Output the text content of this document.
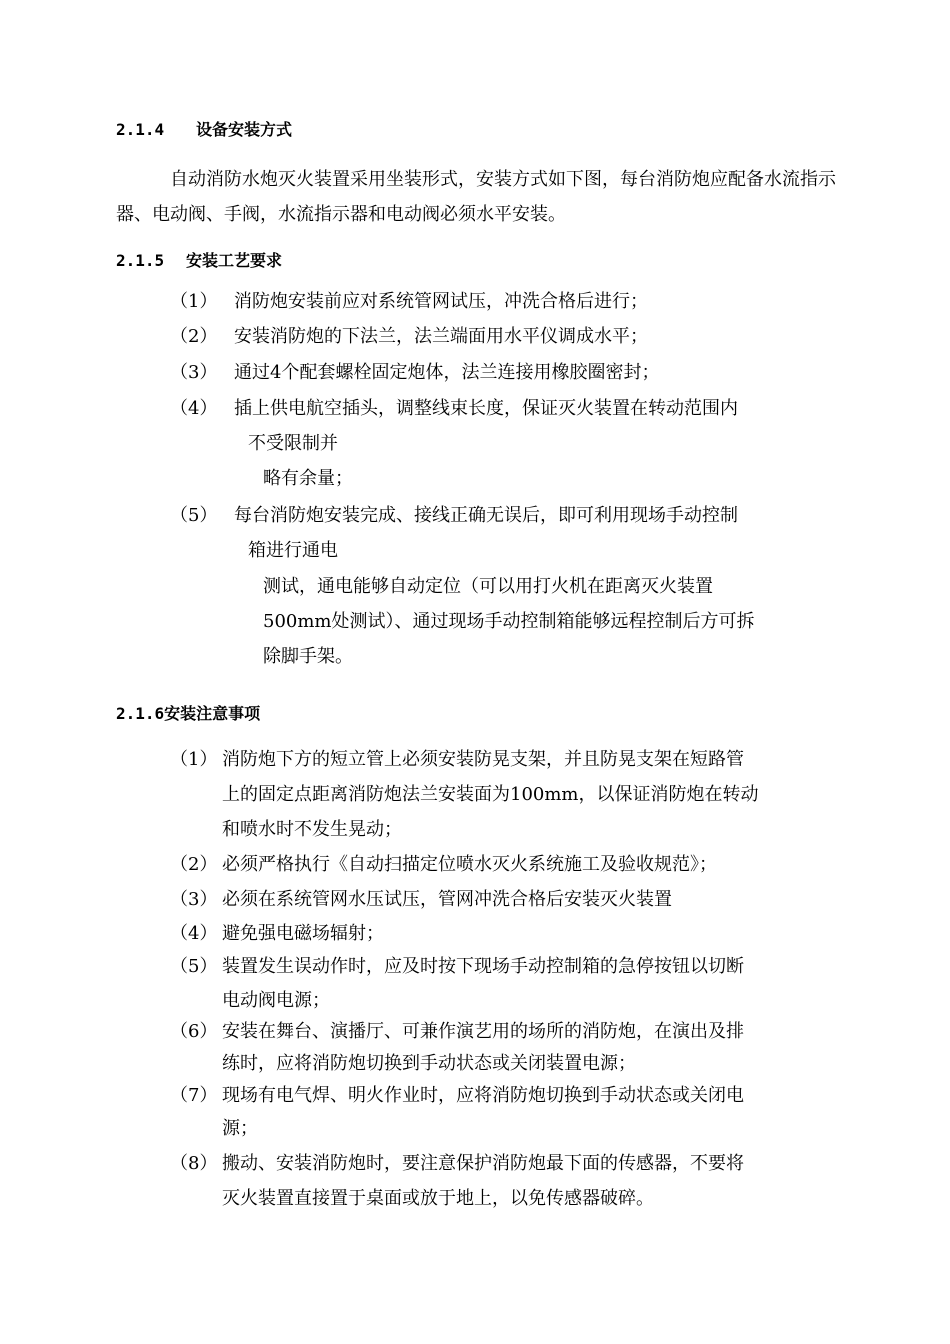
2.1.4 设备安装方式
自动消防水炮灭火装置采用坐装形式，安装方式如下图，每台消防炮应配备水流指示器、电动阀、手阀，水流指示器和电动阀必须水平安装。
2.1.5 安装工艺要求
（1） 消防炮安装前应对系统管网试压，冲洗合格后进行；
（2） 安装消防炮的下法兰，法兰端面用水平仪调成水平；
（3） 通过4个配套螺栓固定炮体，法兰连接用橡胶圈密封；
（4） 插上供电航空插头，调整线束长度，保证灭火装置在转动范围内
不受限制并
略有余量；
（5） 每台消防炮安装完成、接线正确无误后，即可利用现场手动控制
箱进行通电
测试，通电能够自动定位（可以用打火机在距离灭火装置
500mm处测试）、通过现场手动控制箱能够远程控制后方可拆
除脚手架。
2.1.6安装注意事项
（1） 消防炮下方的短立管上必须安装防晃支架，并且防晃支架在短路管
上的固定点距离消防炮法兰安装面为100mm，以保证消防炮在转动
和喷水时不发生晃动；
（2） 必须严格执行《自动扫描定位喷水灭火系统施工及验收规范》；
（3） 必须在系统管网水压试压，管网冲洗合格后安装灭火装置
（4） 避免强电磁场辐射；
（5） 装置发生误动作时，应及时按下现场手动控制箱的急停按钮以切断
电动阀电源；
（6） 安装在舞台、演播厅、可兼作演艺用的场所的消防炮，在演出及排
练时，应将消防炮切换到手动状态或关闭装置电源；
（7） 现场有电气焊、明火作业时，应将消防炮切换到手动状态或关闭电
源；
（8） 搬动、安装消防炮时，要注意保护消防炮最下面的传感器，不要将
灭火装置直接置于桌面或放于地上，以免传感器破碎。
